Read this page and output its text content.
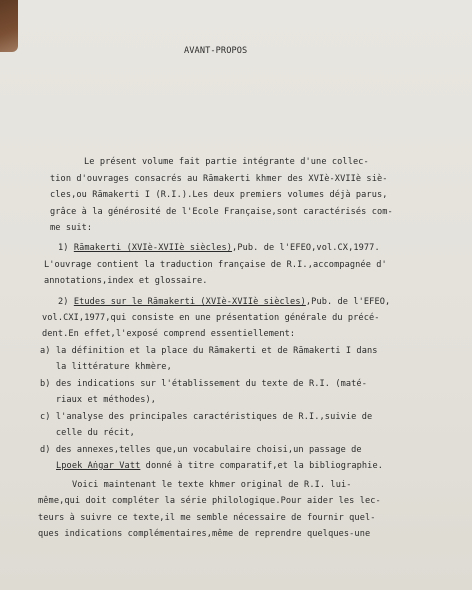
AVANT-PROPOS
Le présent volume fait partie intégrante d'une collec-
tion d'ouvrages consacrés au Rāmakerti khmer des XVIè-XVIIè siè-
cles,ou Rāmakerti I (R.I.).Les deux premiers volumes déjà parus,
grâce à la générosité de l'Ecole Française,sont caractérisés com-
me suit:
1) Rāmakerti (XVIè-XVIIè siècles),Pub. de l'EFEO,vol.CX,1977.
L'ouvrage contient la traduction française de R.I.,accompagnée d'
annotations,index et glossaire.
2) Etudes sur le Rāmakerti (XVIè-XVIIè siècles),Pub. de l'EFEO,
vol.CXI,1977,qui consiste en une présentation générale du précé-
dent.En effet,l'exposé comprend essentiellement:
a) la définition et la place du Rāmakerti et de Rāmakerti I dans
la littérature khmère,
b) des indications sur l'établissement du texte de R.I. (maté-
riaux et méthodes),
c) l'analyse des principales caractéristiques de R.I.,suivie de
celle du récit,
d) des annexes,telles que,un vocabulaire choisi,un passage de
Lpoek Aṅgar Vatt donné à titre comparatif,et la bibliographie.
Voici maintenant le texte khmer original de R.I. lui-
même,qui doit compléter la série philologique.Pour aider les lec-
teurs à suivre ce texte,il me semble nécessaire de fournir quel-
ques indications complémentaires,même de reprendre quelques-une
